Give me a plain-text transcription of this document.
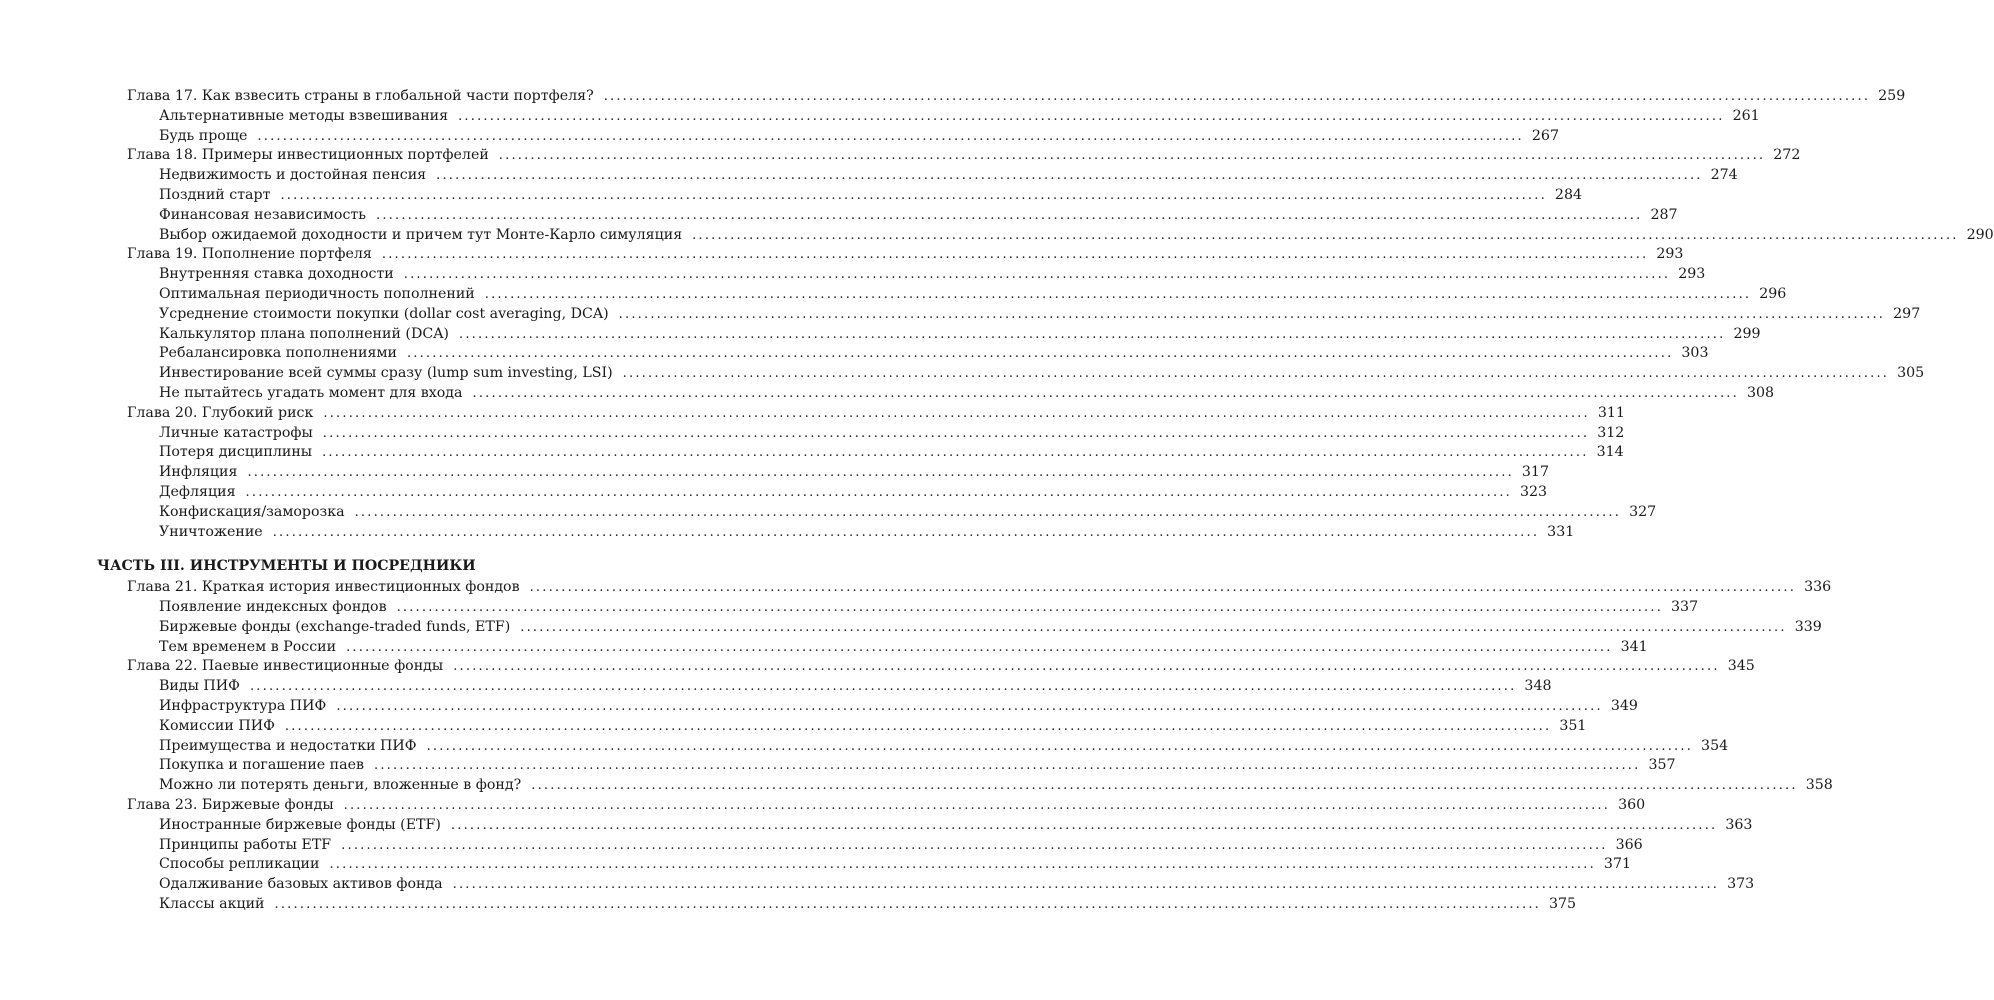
Глава 17. Как взвесить страны в глобальной части портфеля? ........................................................................................................................................................................................................ 259
Альтернативные методы взвешивания ........................................................................................................................................................................................................ 261
Будь проще ........................................................................................................................................................................................................ 267
Глава 18. Примеры инвестиционных портфелей ........................................................................................................................................................................................................ 272
Недвижимость и достойная пенсия ........................................................................................................................................................................................................ 274
Поздний старт ........................................................................................................................................................................................................ 284
Финансовая независимость ........................................................................................................................................................................................................ 287
Выбор ожидаемой доходности и причем тут Монте-Карло симуляция ........................................................................................................................................................................................................ 290
Глава 19. Пополнение портфеля ........................................................................................................................................................................................................ 293
Внутренняя ставка доходности ........................................................................................................................................................................................................ 293
Оптимальная периодичность пополнений ........................................................................................................................................................................................................ 296
Усреднение стоимости покупки (dollar cost averaging, DCA) ........................................................................................................................................................................................................ 297
Калькулятор плана пополнений (DCA) ........................................................................................................................................................................................................ 299
Ребалансировка пополнениями ........................................................................................................................................................................................................ 303
Инвестирование всей суммы сразу (lump sum investing, LSI) ........................................................................................................................................................................................................ 305
Не пытайтесь угадать момент для входа ........................................................................................................................................................................................................ 308
Глава 20. Глубокий риск ........................................................................................................................................................................................................ 311
Личные катастрофы ........................................................................................................................................................................................................ 312
Потеря дисциплины ........................................................................................................................................................................................................ 314
Инфляция ........................................................................................................................................................................................................ 317
Дефляция ........................................................................................................................................................................................................ 323
Конфискация/заморозка ........................................................................................................................................................................................................ 327
Уничтожение ........................................................................................................................................................................................................ 331
ЧАСТЬ III. ИНСТРУМЕНТЫ И ПОСРЕДНИКИ
Глава 21. Краткая история инвестиционных фондов ........................................................................................................................................................................................................ 336
Появление индексных фондов ........................................................................................................................................................................................................ 337
Биржевые фонды (exchange-traded funds, ETF) ........................................................................................................................................................................................................ 339
Тем временем в России ........................................................................................................................................................................................................ 341
Глава 22. Паевые инвестиционные фонды ........................................................................................................................................................................................................ 345
Виды ПИФ ........................................................................................................................................................................................................ 348
Инфраструктура ПИФ ........................................................................................................................................................................................................ 349
Комиссии ПИФ ........................................................................................................................................................................................................ 351
Преимущества и недостатки ПИФ ........................................................................................................................................................................................................ 354
Покупка и погашение паев ........................................................................................................................................................................................................ 357
Можно ли потерять деньги, вложенные в фонд? ........................................................................................................................................................................................................ 358
Глава 23. Биржевые фонды ........................................................................................................................................................................................................ 360
Иностранные биржевые фонды (ETF) ........................................................................................................................................................................................................ 363
Принципы работы ETF ........................................................................................................................................................................................................ 366
Способы репликации ........................................................................................................................................................................................................ 371
Одалживание базовых активов фонда ........................................................................................................................................................................................................ 373
Классы акций ........................................................................................................................................................................................................ 375
